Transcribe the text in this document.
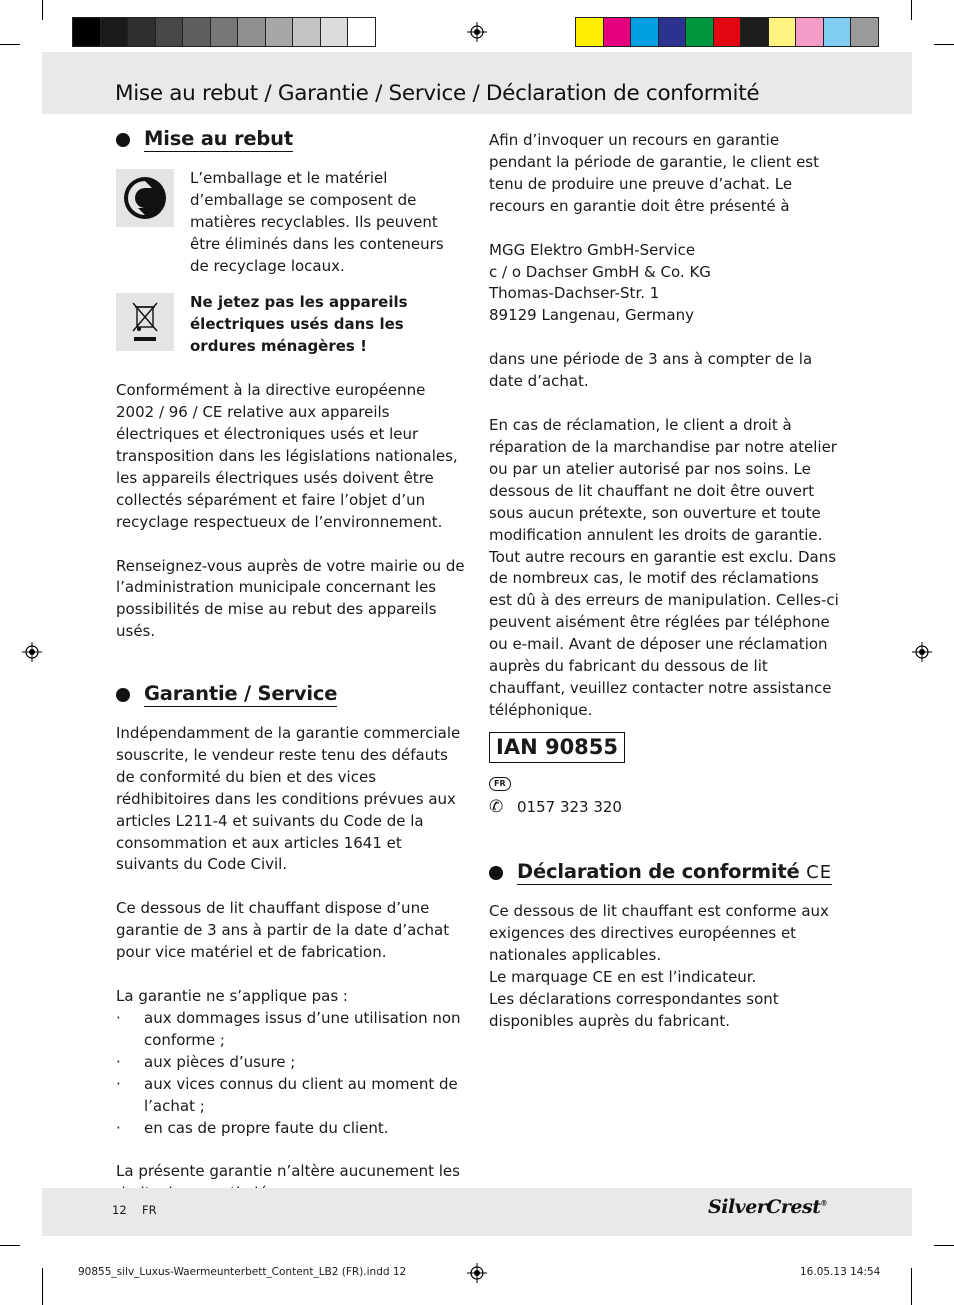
Mise au rebut / Garantie / Service / Déclaration de conformité
Mise au rebut

L’emballage et le matériel d’emballage se composent de matières recyclables. Ils peuvent être éliminés dans les conteneurs de recyclage locaux.

Ne jetez pas les appareils électriques usés dans les ordures ménagères !

Conformément à la directive européenne 2002 / 96 / CE relative aux appareils électriques et électroniques usés et leur transposition dans les législations nationales, les appareils électriques usés doivent être collectés séparément et faire l’objet d’un recyclage respectueux de l’environnement.

Renseignez-vous auprès de votre mairie ou de l’administration municipale concernant les possibilités de mise au rebut des appareils usés.

Garantie / Service

Indépendamment de la garantie commerciale souscrite, le vendeur reste tenu des défauts de conformité du bien et des vices rédhibitoires dans les conditions prévues aux articles L211-4 et suivants du Code de la consommation et aux articles 1641 et suivants du Code Civil.

Ce dessous de lit chauffant dispose d’une garantie de 3 ans à partir de la date d’achat pour vice matériel et de fabrication.

La garantie ne s’applique pas :

· aux dommages issus d’une utilisation non conforme ;
· aux pièces d’usure ;
· aux vices connus du client au moment de l’achat ;
· en cas de propre faute du client.

La présente garantie n’altère aucunement les

Afin d’invoquer un recours en garantie pendant la période de garantie, le client est tenu de produire une preuve d’achat. Le recours en garantie doit être présenté à

MGG Elektro GmbH-Service
c / o Dachser GmbH & Co. KG
Thomas-Dachser-Str. 1
89129 Langenau, Germany

dans une période de 3 ans à compter de la date d’achat.

En cas de réclamation, le client a droit à réparation de la marchandise par notre atelier ou par un atelier autorisé par nos soins. Le dessous de lit chauffant ne doit être ouvert sous aucun prétexte, son ouverture et toute modification annulent les droits de garantie. Tout autre recours en garantie est exclu. Dans de nombreux cas, le motif des réclamations est dû à des erreurs de manipulation. Celles-ci peuvent aisément être réglées par téléphone ou e-mail. Avant de déposer une réclamation auprès du fabricant du dessous de lit chauffant, veuillez contacter notre assistance téléphonique.

IAN 90855
FR
✆ 0157 323 320
Déclaration de conformité CE

Ce dessous de lit chauffant est conforme aux exigences des directives européennes et nationales applicables.

Le marquage CE en est l’indicateur.

Les déclarations correspondantes sont disponibles auprès du fabricant.

12 FR	SilverCrest®
90855_silv_Luxus-Waermeunterbett_Content_LB2 (FR).indd 12	16.05.13 14:54
